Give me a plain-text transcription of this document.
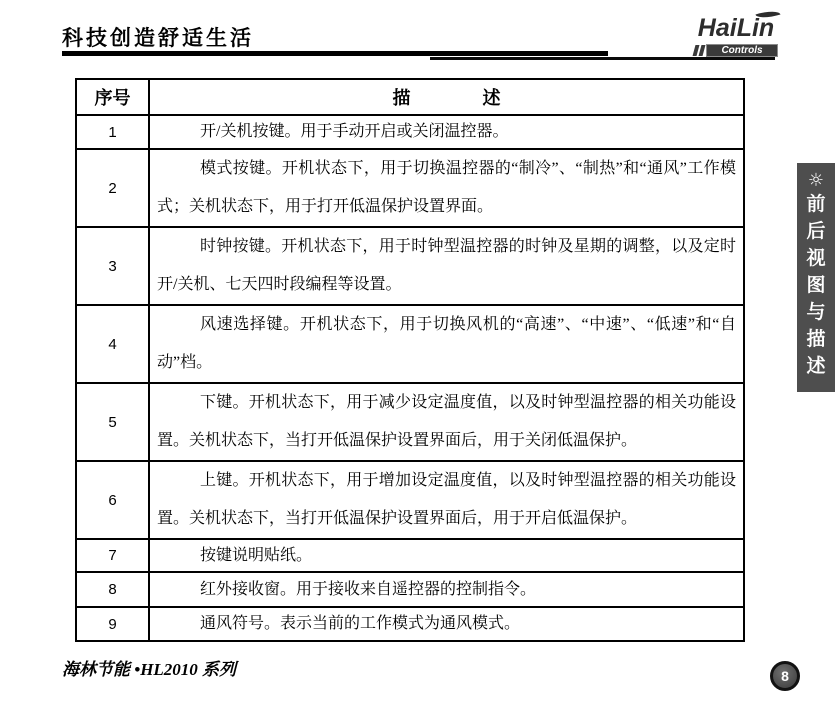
科技创造舒适生活	HaiLin
Controls
序号	描　　　　述
1	开/关机按键。用于手动开启或关闭温控器。

2	模式按键。开机状态下，用于切换温控器的“制冷”、“制热”和“通风”工作模式；关机状态下，用于打开低温保护设置界面。

3	时钟按键。开机状态下，用于时钟型温控器的时钟及星期的调整，以及定时开/关机、七天四时段编程等设置。

4	风速选择键。开机状态下，用于切换风机的“高速”、“中速”、“低速”和“自动”档。

5	下键。开机状态下，用于减少设定温度值，以及时钟型温控器的相关功能设置。关机状态下，当打开低温保护设置界面后，用于关闭低温保护。

6	上键。开机状态下，用于增加设定温度值，以及时钟型温控器的相关功能设置。关机状态下，当打开低温保护设置界面后，用于开启低温保护。

7	按键说明贴纸。

8	红外接收窗。用于接收来自遥控器的控制指令。

9	通风符号。表示当前的工作模式为通风模式。

☼
前后视图与描述
海林节能 •HL2010 系列	8
